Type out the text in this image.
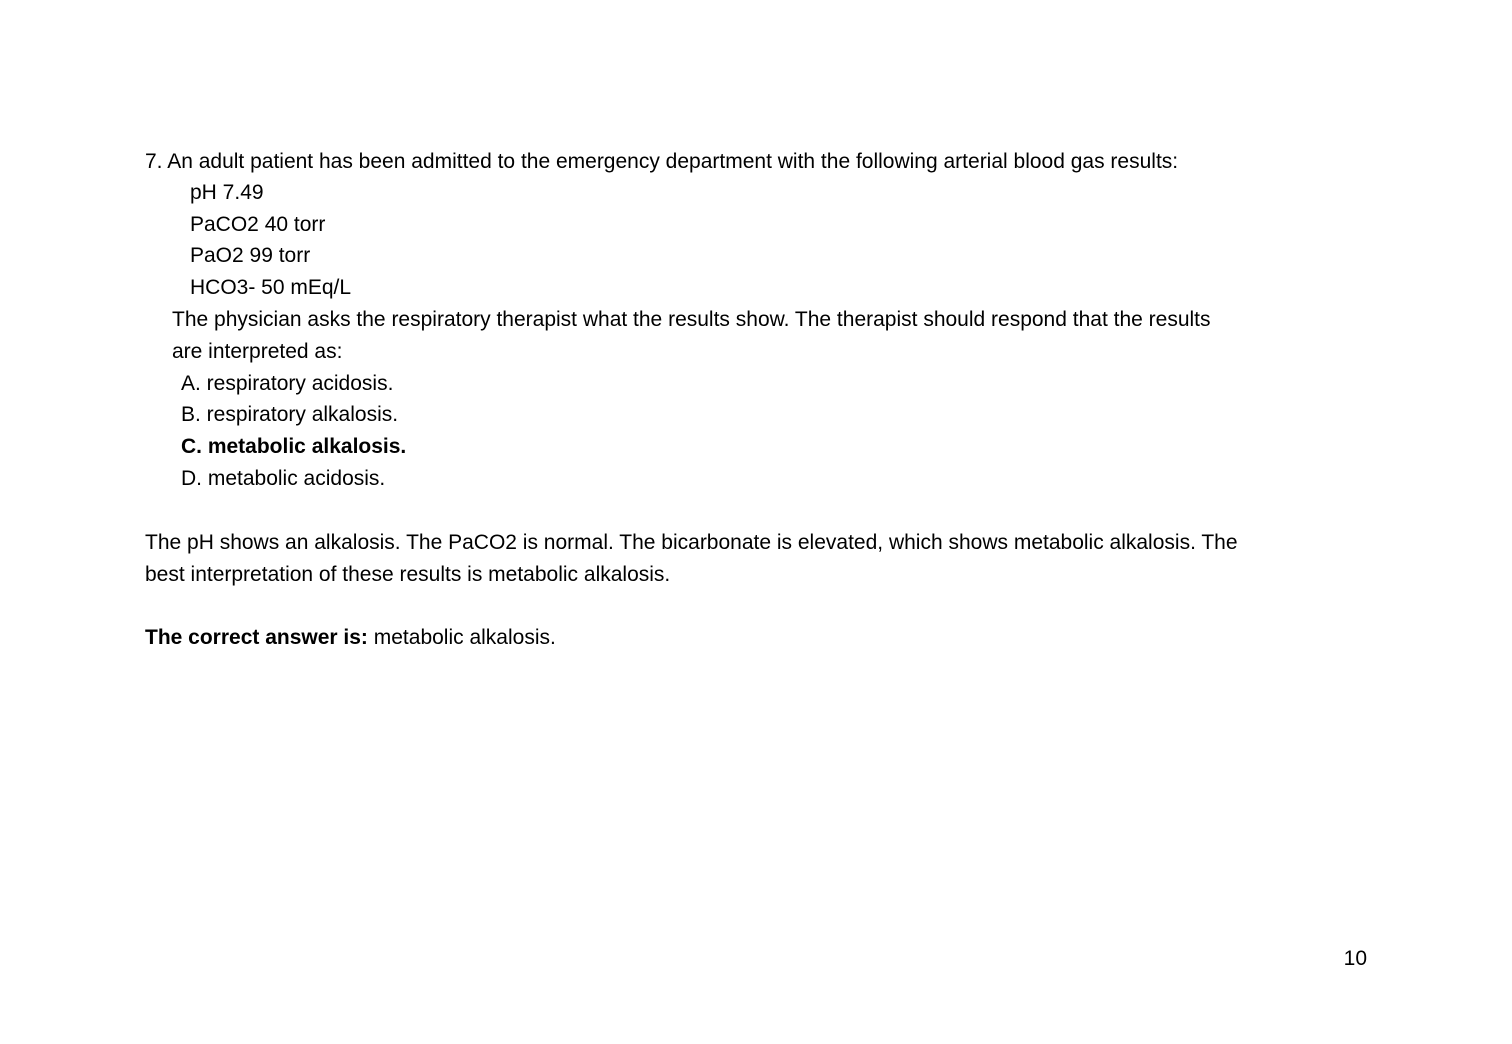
7. An adult patient has been admitted to the emergency department with the following arterial blood gas results:

pH 7.49

PaCO2 40 torr

PaO2 99 torr

HCO3- 50 mEq/L

The physician asks the respiratory therapist what the results show. The therapist should respond that the results

are interpreted as:

A. respiratory acidosis.

B. respiratory alkalosis.

C. metabolic alkalosis.

D. metabolic acidosis.

The pH shows an alkalosis. The PaCO2 is normal. The bicarbonate is elevated, which shows metabolic alkalosis. The

best interpretation of these results is metabolic alkalosis.

The correct answer is: metabolic alkalosis.

10
